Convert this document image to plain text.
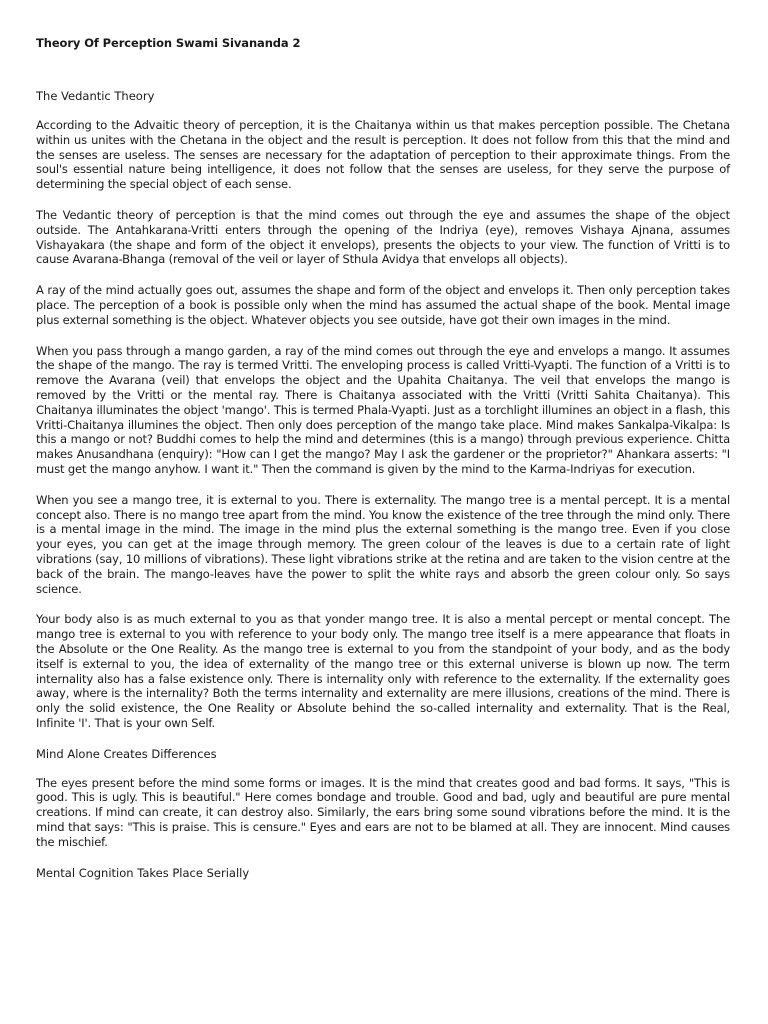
Theory Of Perception Swami Sivananda 2
The Vedantic Theory

According to the Advaitic theory of perception, it is the Chaitanya within us that makes perception possible. The Chetana within us unites with the Chetana in the object and the result is perception. It does not follow from this that the mind and the senses are useless. The senses are necessary for the adaptation of perception to their approximate things. From the soul's essential nature being intelligence, it does not follow that the senses are useless, for they serve the purpose of determining the special object of each sense.

The Vedantic theory of perception is that the mind comes out through the eye and assumes the shape of the object outside. The Antahkarana-Vritti enters through the opening of the Indriya (eye), removes Vishaya Ajnana, assumes Vishayakara (the shape and form of the object it envelops), presents the objects to your view. The function of Vritti is to cause Avarana-Bhanga (removal of the veil or layer of Sthula Avidya that envelops all objects).

A ray of the mind actually goes out, assumes the shape and form of the object and envelops it. Then only perception takes place. The perception of a book is possible only when the mind has assumed the actual shape of the book. Mental image plus external something is the object. Whatever objects you see outside, have got their own images in the mind.

When you pass through a mango garden, a ray of the mind comes out through the eye and envelops a mango. It assumes the shape of the mango. The ray is termed Vritti. The enveloping process is called Vritti-Vyapti. The function of a Vritti is to remove the Avarana (veil) that envelops the object and the Upahita Chaitanya. The veil that envelops the mango is removed by the Vritti or the mental ray. There is Chaitanya associated with the Vritti (Vritti Sahita Chaitanya). This Chaitanya illuminates the object 'mango'. This is termed Phala-Vyapti. Just as a torchlight illumines an object in a flash, this Vritti-Chaitanya illumines the object. Then only does perception of the mango take place. Mind makes Sankalpa-Vikalpa: Is this a mango or not? Buddhi comes to help the mind and determines (this is a mango) through previous experience. Chitta makes Anusandhana (enquiry): "How can I get the mango? May I ask the gardener or the proprietor?" Ahankara asserts: "I must get the mango anyhow. I want it." Then the command is given by the mind to the Karma-Indriyas for execution.

When you see a mango tree, it is external to you. There is externality. The mango tree is a mental percept. It is a mental concept also. There is no mango tree apart from the mind. You know the existence of the tree through the mind only. There is a mental image in the mind. The image in the mind plus the external something is the mango tree. Even if you close your eyes, you can get at the image through memory. The green colour of the leaves is due to a certain rate of light vibrations (say, 10 millions of vibrations). These light vibrations strike at the retina and are taken to the vision centre at the back of the brain. The mango-leaves have the power to split the white rays and absorb the green colour only. So says science.

Your body also is as much external to you as that yonder mango tree. It is also a mental percept or mental concept. The mango tree is external to you with reference to your body only. The mango tree itself is a mere appearance that floats in the Absolute or the One Reality. As the mango tree is external to you from the standpoint of your body, and as the body itself is external to you, the idea of externality of the mango tree or this external universe is blown up now. The term internality also has a false existence only. There is internality only with reference to the externality. If the externality goes away, where is the internality? Both the terms internality and externality are mere illusions, creations of the mind. There is only the solid existence, the One Reality or Absolute behind the so-called internality and externality. That is the Real, Infinite 'I'. That is your own Self.

Mind Alone Creates Differences

The eyes present before the mind some forms or images. It is the mind that creates good and bad forms. It says, "This is good. This is ugly. This is beautiful." Here comes bondage and trouble. Good and bad, ugly and beautiful are pure mental creations. If mind can create, it can destroy also. Similarly, the ears bring some sound vibrations before the mind. It is the mind that says: "This is praise. This is censure." Eyes and ears are not to be blamed at all. They are innocent. Mind causes the mischief.

Mental Cognition Takes Place Serially
